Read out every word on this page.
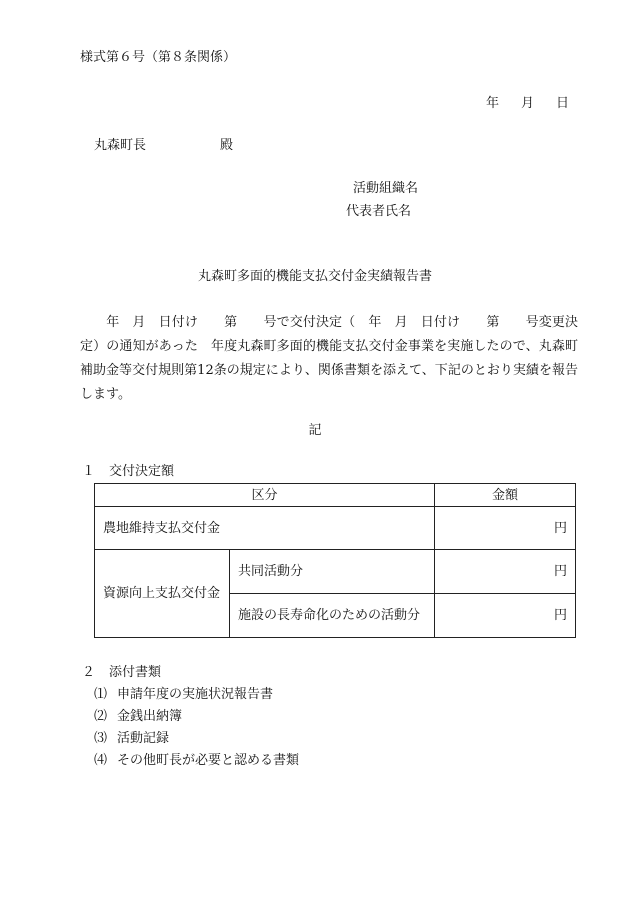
様式第６号（第８条関係）
年 月 日
丸森町長	殿
活動組織名
代表者氏名
丸森町多面的機能支払交付金実績報告書
　　年　月　日付け　　第　　号で交付決定（　年　月　日付け　　第　　号変更決定）の通知があった　年度丸森町多面的機能支払交付金事業を実施したので、丸森町補助金等交付規則第12条の規定により、関係書類を添えて、下記のとおり実績を報告します。
記
１ 交付決定額
区分		金額
農地維持支払交付金		円
資源向上支払交付金	共同活動分	円
	施設の長寿命化のための活動分	円
２ 添付書類
⑴ 申請年度の実施状況報告書
⑵ 金銭出納簿
⑶ 活動記録
⑷ その他町長が必要と認める書類
